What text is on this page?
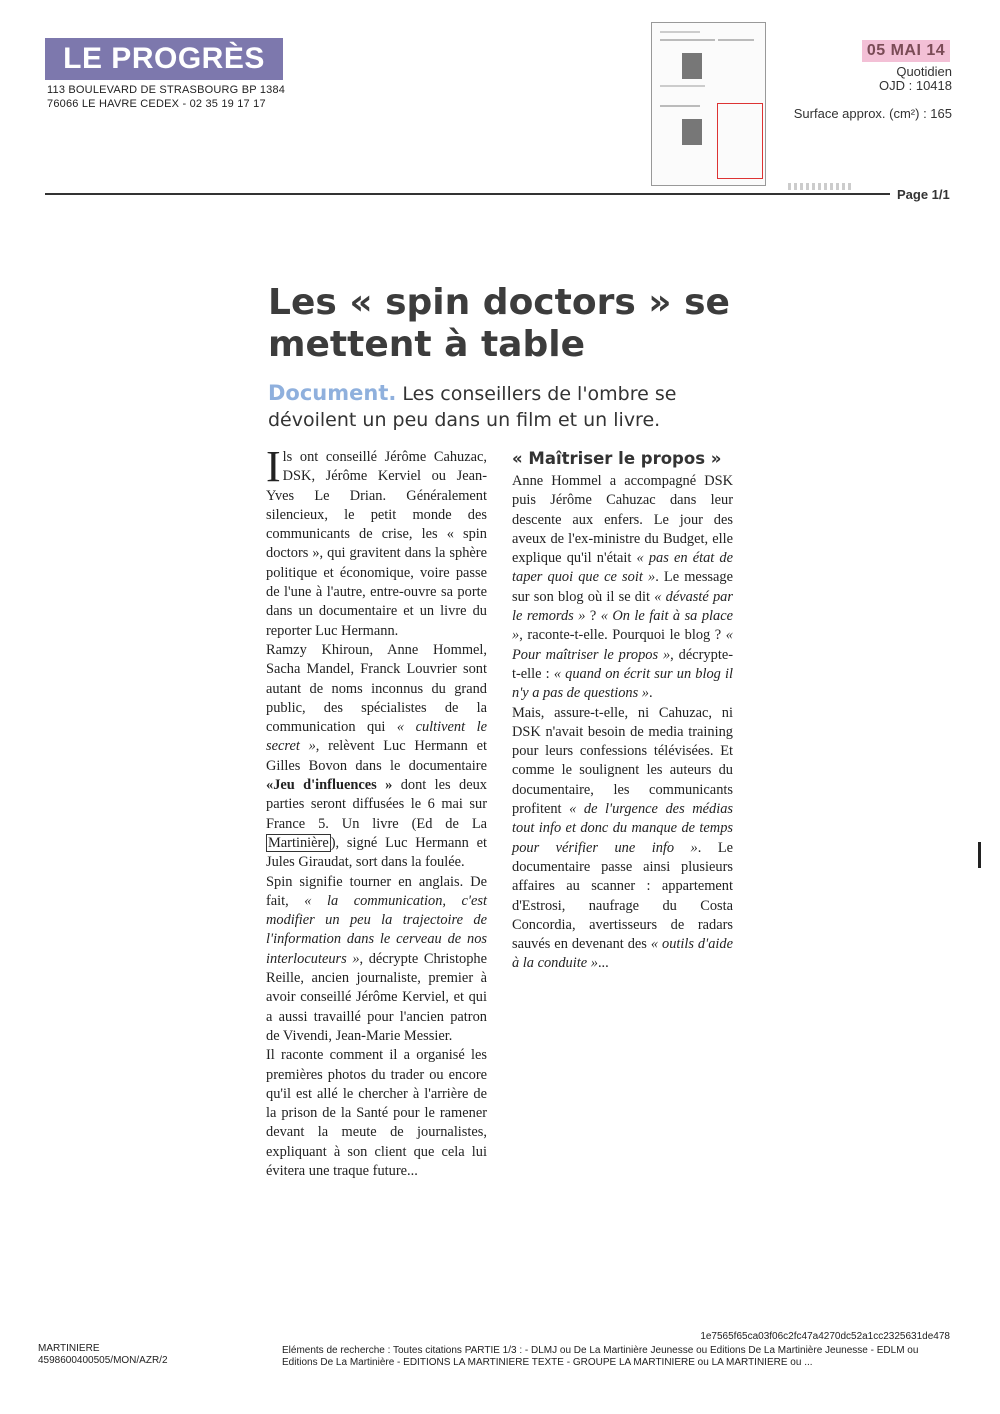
LE PROGRÈS
113 BOULEVARD DE STRASBOURG BP 1384
76066 LE HAVRE CEDEX - 02 35 19 17 17
05 MAI 14
Quotidien
OJD : 10418
Surface approx. (cm²) : 165
Page 1/1
Les « spin doctors » se mettent à table

Document. Les conseillers de l'ombre se dévoilent un peu dans un film et un livre.

Ils ont conseillé Jérôme Cahuzac, DSK, Jérôme Kerviel ou Jean-Yves Le Drian. Généralement silencieux, le petit monde des communicants de crise, les « spin doctors », qui gravitent dans la sphère politique et économique, voire passe de l'une à l'autre, entre-ouvre sa porte dans un documentaire et un livre du reporter Luc Hermann.

Ramzy Khiroun, Anne Hommel, Sacha Mandel, Franck Louvrier sont autant de noms inconnus du grand public, des spécialistes de la communication qui « cultivent le secret », relèvent Luc Hermann et Gilles Bovon dans le documentaire «Jeu d'influences » dont les deux parties seront diffusées le 6 mai sur France 5. Un livre (Ed de La Martinière ), signé Luc Hermann et Jules Giraudat, sort dans la foulée.

Spin signifie tourner en anglais. De fait, « la communication, c'est modifier un peu la trajectoire de l'information dans le cerveau de nos interlocuteurs », décrypte Christophe Reille, ancien journaliste, premier à avoir conseillé Jérôme Kerviel, et qui a aussi travaillé pour l'ancien patron de Vivendi, Jean-Marie Messier.

Il raconte comment il a organisé les premières photos du trader ou encore qu'il est allé le chercher à l'arrière de la prison de la Santé pour le ramener devant la meute de journalistes, expliquant à son client que cela lui évitera une traque future...

« Maîtriser le propos »

Anne Hommel a accompagné DSK puis Jérôme Cahuzac dans leur descente aux enfers. Le jour des aveux de l'ex-ministre du Budget, elle explique qu'il n'était « pas en état de taper quoi que ce soit ». Le message sur son blog où il se dit « dévasté par le remords » ? « On le fait à sa place », raconte-t-elle. Pourquoi le blog ? « Pour maîtriser le propos », décrypte-t-elle : « quand on écrit sur un blog il n'y a pas de questions ».

Mais, assure-t-elle, ni Cahuzac, ni DSK n'avait besoin de media training pour leurs confessions télévisées. Et comme le soulignent les auteurs du documentaire, les communicants profitent « de l'urgence des médias tout info et donc du manque de temps pour vérifier une info ». Le documentaire passe ainsi plusieurs affaires au scanner : appartement d'Estrosi, naufrage du Costa Concordia, avertisseurs de radars sauvés en devenant des « outils d'aide à la conduite »...

MARTINIERE
4598600400505/MON/AZR/2
1e7565f65ca03f06c2fc47a4270dc52a1cc2325631de478
Eléments de recherche : Toutes citations PARTIE 1/3 : - DLMJ ou De La Martinière Jeunesse ou Editions De La Martinière Jeunesse - EDLM ou
Editions De La Martinière - EDITIONS LA MARTINIERE TEXTE - GROUPE LA MARTINIERE ou LA MARTINIERE ou ...
